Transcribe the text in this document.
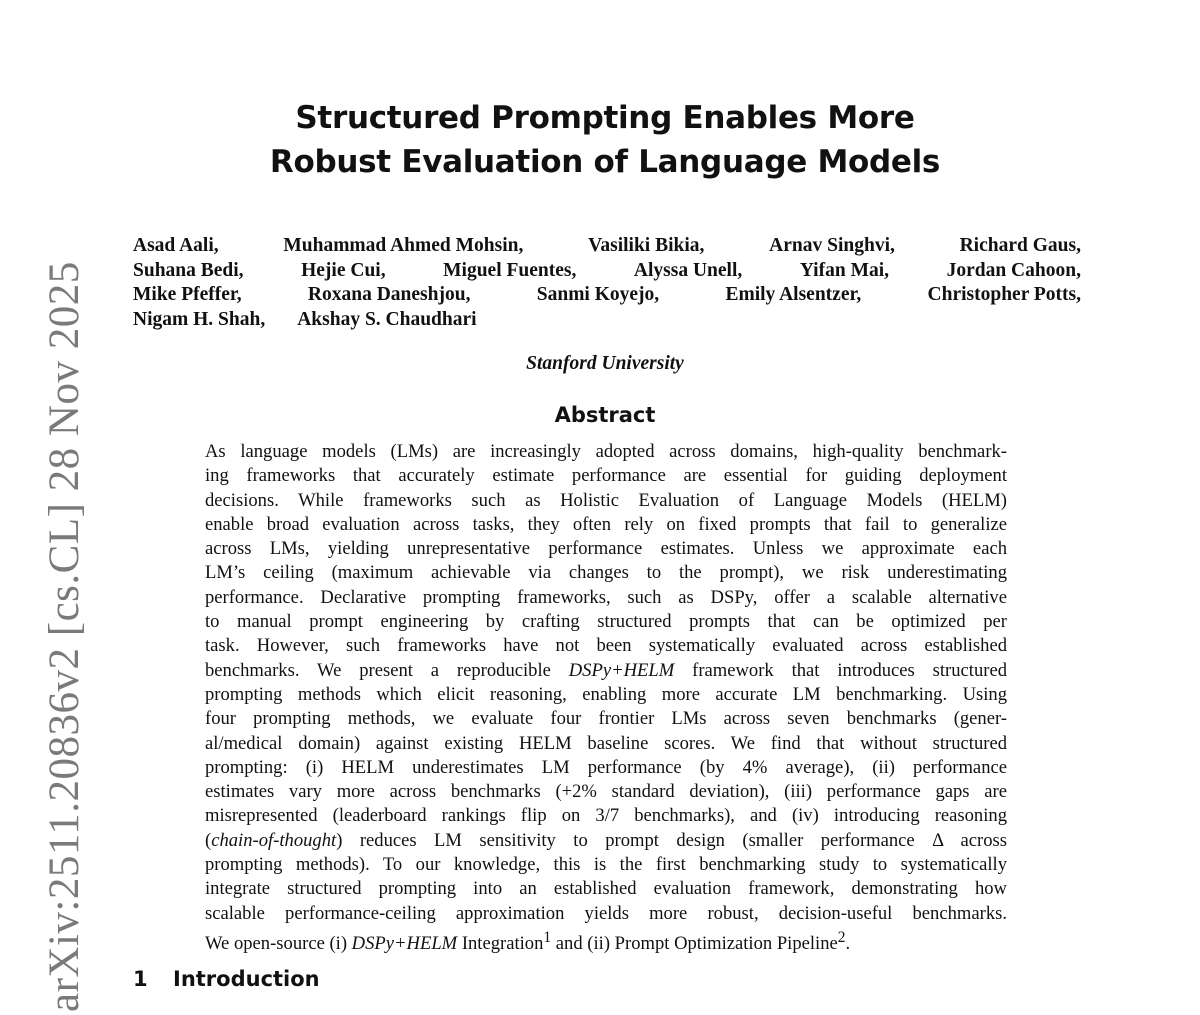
arXiv:2511.20836v2 [cs.CL] 28 Nov 2025
Structured Prompting Enables More
Robust Evaluation of Language Models
Asad Aali,	Muhammad Ahmed Mohsin,	Vasiliki Bikia,	Arnav Singhvi,	Richard Gaus,
Suhana Bedi,	Hejie Cui,	Miguel Fuentes,	Alyssa Unell,	Yifan Mai,	Jordan Cahoon,
Mike Pfeffer,	Roxana Daneshjou,	Sanmi Koyejo,	Emily Alsentzer,	Christopher Potts,
Nigam H. Shah, Akshay S. Chaudhari
Stanford University
Abstract
As language models (LMs) are increasingly adopted across domains, high-quality benchmark-
ing frameworks that accurately estimate performance are essential for guiding deployment
decisions. While frameworks such as Holistic Evaluation of Language Models (HELM)
enable broad evaluation across tasks, they often rely on fixed prompts that fail to generalize
across LMs, yielding unrepresentative performance estimates. Unless we approximate each
LM’s ceiling (maximum achievable via changes to the prompt), we risk underestimating
performance. Declarative prompting frameworks, such as DSPy, offer a scalable alternative
to manual prompt engineering by crafting structured prompts that can be optimized per
task. However, such frameworks have not been systematically evaluated across established
benchmarks. We present a reproducible DSPy+HELM framework that introduces structured
prompting methods which elicit reasoning, enabling more accurate LM benchmarking. Using
four prompting methods, we evaluate four frontier LMs across seven benchmarks (gener-
al/medical domain) against existing HELM baseline scores. We find that without structured
prompting: (i) HELM underestimates LM performance (by 4% average), (ii) performance
estimates vary more across benchmarks (+2% standard deviation), (iii) performance gaps are
misrepresented (leaderboard rankings flip on 3/7 benchmarks), and (iv) introducing reasoning
(chain-of-thought) reduces LM sensitivity to prompt design (smaller performance Δ across
prompting methods). To our knowledge, this is the first benchmarking study to systematically
integrate structured prompting into an established evaluation framework, demonstrating how
scalable performance-ceiling approximation yields more robust, decision-useful benchmarks.
We open-source (i) DSPy+HELM Integration$^1$ and (ii) Prompt Optimization Pipeline$^2$.
1 Introduction
